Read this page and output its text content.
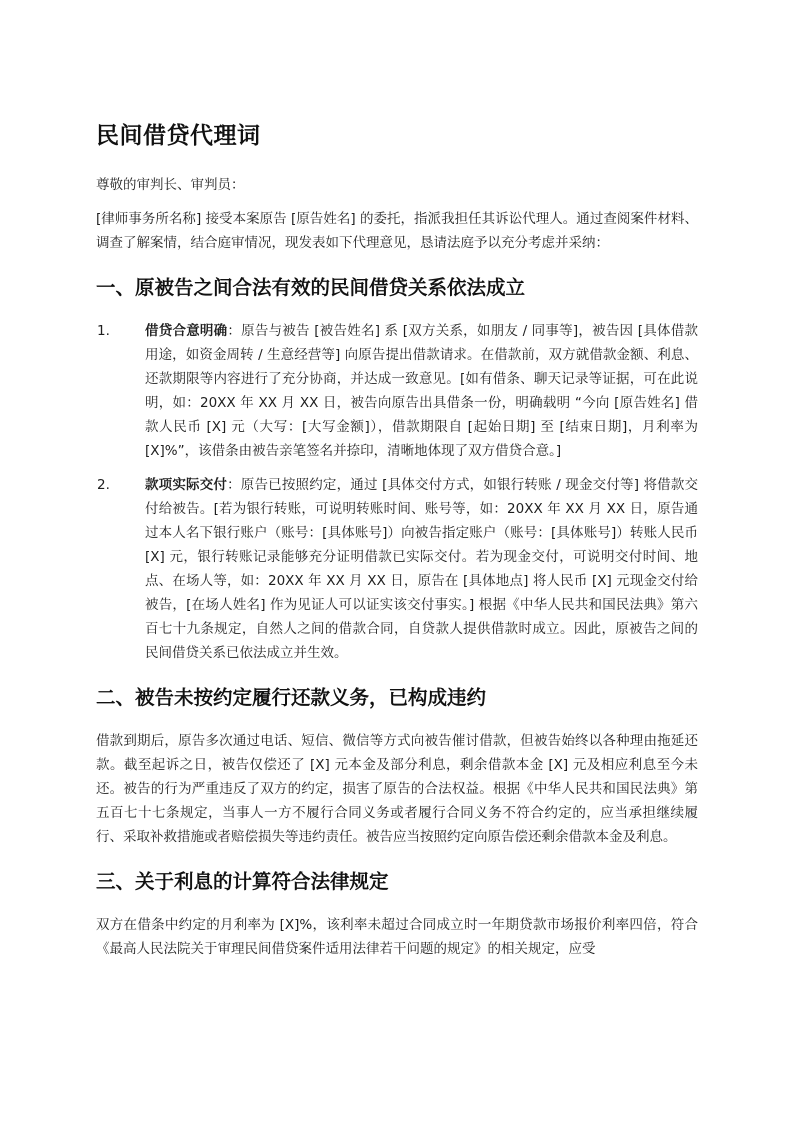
民间借贷代理词

尊敬的审判长、审判员：

[律师事务所名称] 接受本案原告 [原告姓名] 的委托，指派我担任其诉讼代理人。通过查阅案件材料、调查了解案情，结合庭审情况，现发表如下代理意见，恳请法庭予以充分考虑并采纳：

一、原被告之间合法有效的民间借贷关系依法成立
1.	借贷合意明确：原告与被告 [被告姓名] 系 [双方关系，如朋友 / 同事等]，被告因 [具体借款用途，如资金周转 / 生意经营等] 向原告提出借款请求。在借款前，双方就借款金额、利息、还款期限等内容进行了充分协商，并达成一致意见。[如有借条、聊天记录等证据，可在此说明，如：20XX 年 XX 月 XX 日，被告向原告出具借条一份，明确载明 “今向 [原告姓名] 借款人民币 [X] 元（大写：[大写金额]），借款期限自 [起始日期] 至 [结束日期]，月利率为 [X]%”，该借条由被告亲笔签名并捺印，清晰地体现了双方借贷合意。]
2.	款项实际交付：原告已按照约定，通过 [具体交付方式，如银行转账 / 现金交付等] 将借款交付给被告。[若为银行转账，可说明转账时间、账号等，如：20XX 年 XX 月 XX 日，原告通过本人名下银行账户（账号：[具体账号]）向被告指定账户（账号：[具体账号]）转账人民币 [X] 元，银行转账记录能够充分证明借款已实际交付。若为现金交付，可说明交付时间、地点、在场人等，如：20XX 年 XX 月 XX 日，原告在 [具体地点] 将人民币 [X] 元现金交付给被告，[在场人姓名] 作为见证人可以证实该交付事实。] 根据《中华人民共和国民法典》第六百七十九条规定，自然人之间的借款合同，自贷款人提供借款时成立。因此，原被告之间的民间借贷关系已依法成立并生效。
二、被告未按约定履行还款义务，已构成违约

借款到期后，原告多次通过电话、短信、微信等方式向被告催讨借款，但被告始终以各种理由拖延还款。截至起诉之日，被告仅偿还了 [X] 元本金及部分利息，剩余借款本金 [X] 元及相应利息至今未还。被告的行为严重违反了双方的约定，损害了原告的合法权益。根据《中华人民共和国民法典》第五百七十七条规定，当事人一方不履行合同义务或者履行合同义务不符合约定的，应当承担继续履行、采取补救措施或者赔偿损失等违约责任。被告应当按照约定向原告偿还剩余借款本金及利息。

三、关于利息的计算符合法律规定

双方在借条中约定的月利率为 [X]%，该利率未超过合同成立时一年期贷款市场报价利率四倍，符合《最高人民法院关于审理民间借贷案件适用法律若干问题的规定》的相关规定，应受
